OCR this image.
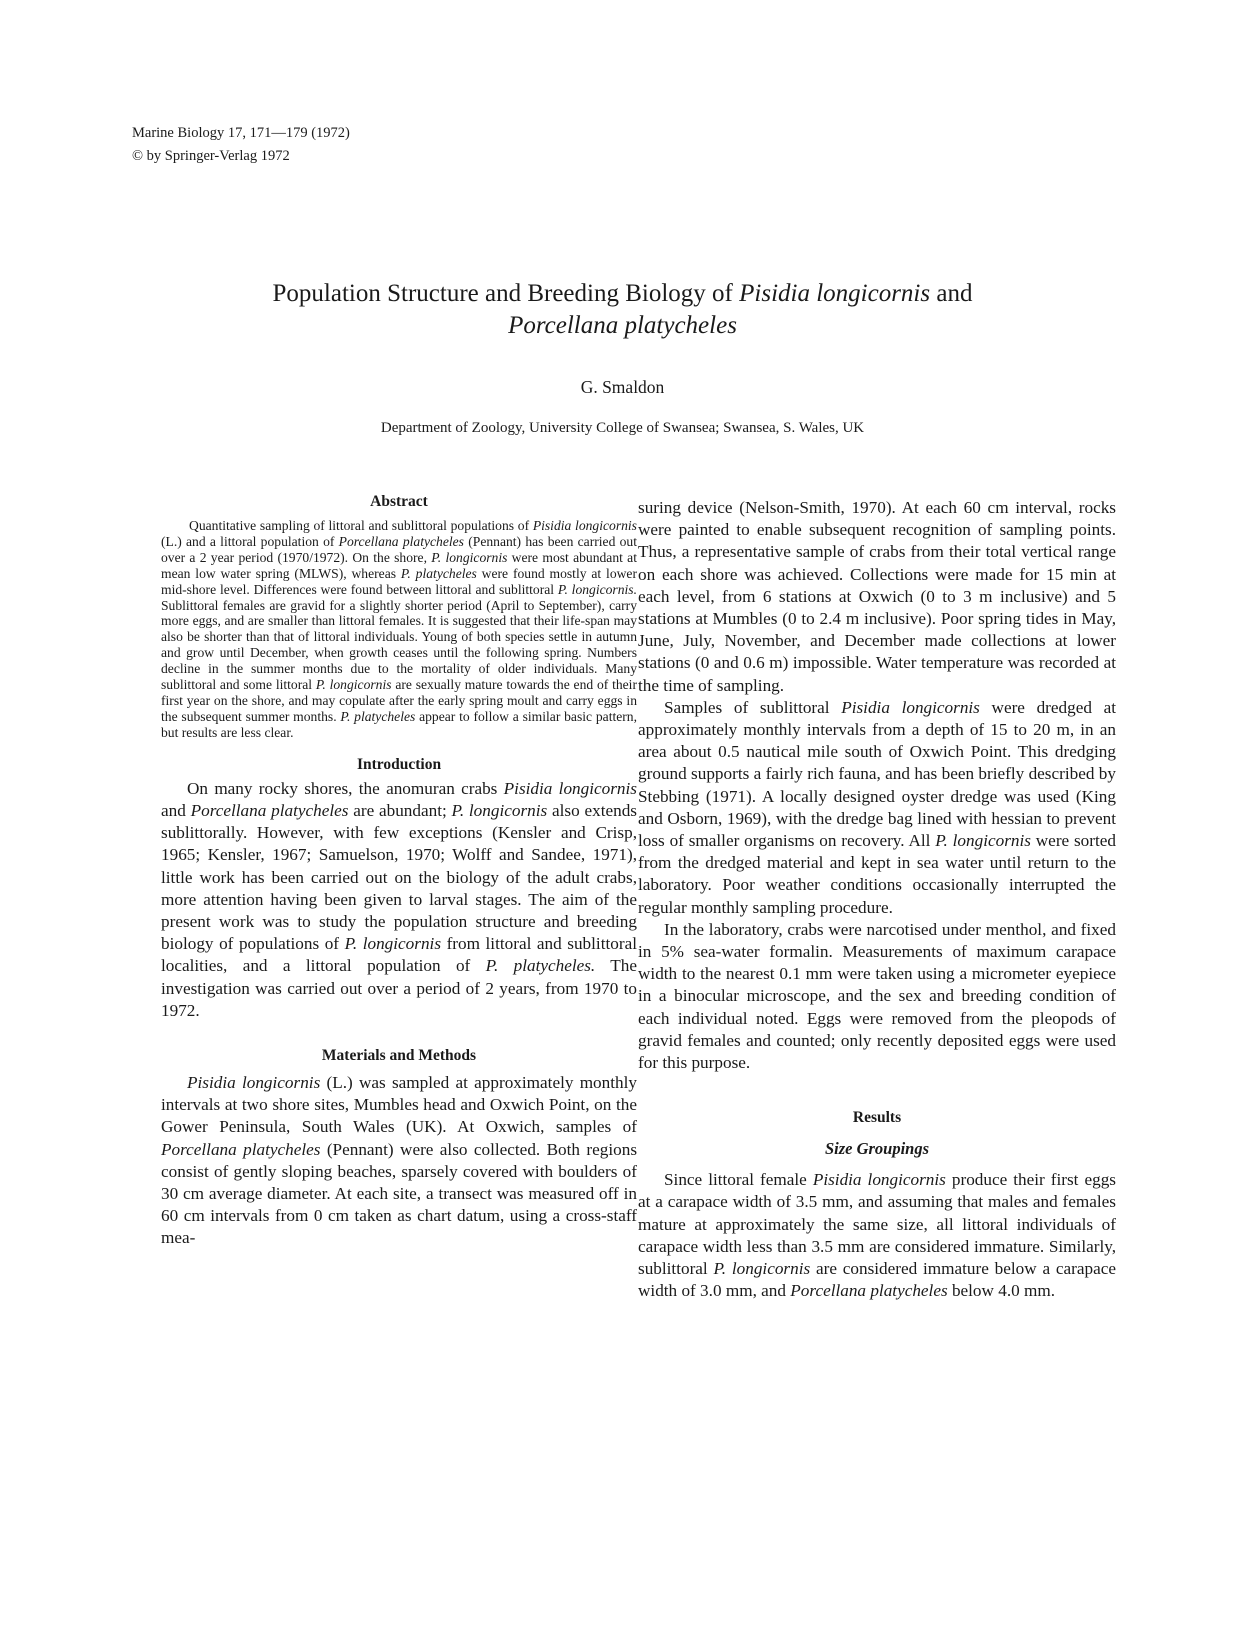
Marine Biology 17, 171—179 (1972)
© by Springer-Verlag 1972
Population Structure and Breeding Biology of Pisidia longicornis and
Porcellana platycheles
G. Smaldon
Department of Zoology, University College of Swansea; Swansea, S. Wales, UK
Abstract

Quantitative sampling of littoral and sublittoral populations of Pisidia longicornis (L.) and a littoral population of Porcellana platycheles (Pennant) has been carried out over a 2 year period (1970/1972). On the shore, P. longicornis were most abundant at mean low water spring (MLWS), whereas P. platycheles were found mostly at lower mid-shore level. Differences were found between littoral and sublittoral P. longicornis. Sublittoral females are gravid for a slightly shorter period (April to September), carry more eggs, and are smaller than littoral females. It is suggested that their life-span may also be shorter than that of littoral individuals. Young of both species settle in autumn and grow until December, when growth ceases until the following spring. Numbers decline in the summer months due to the mortality of older individuals. Many sublittoral and some littoral P. longicornis are sexually mature towards the end of their first year on the shore, and may copulate after the early spring moult and carry eggs in the subsequent summer months. P. platycheles appear to follow a similar basic pattern, but results are less clear.

Introduction

On many rocky shores, the anomuran crabs Pisidia longicornis and Porcellana platycheles are abundant; P. longicornis also extends sublittorally. However, with few exceptions (Kensler and Crisp, 1965; Kensler, 1967; Samuelson, 1970; Wolff and Sandee, 1971), little work has been carried out on the biology of the adult crabs, more attention having been given to larval stages. The aim of the present work was to study the population structure and breeding biology of populations of P. longicornis from littoral and sublittoral localities, and a littoral population of P. platycheles. The investigation was carried out over a period of 2 years, from 1970 to 1972.

Materials and Methods

Pisidia longicornis (L.) was sampled at approximately monthly intervals at two shore sites, Mumbles head and Oxwich Point, on the Gower Peninsula, South Wales (UK). At Oxwich, samples of Porcellana platycheles (Pennant) were also collected. Both regions consist of gently sloping beaches, sparsely covered with boulders of 30 cm average diameter. At each site, a transect was measured off in 60 cm intervals from 0 cm taken as chart datum, using a cross-staff mea-

suring device (Nelson-Smith, 1970). At each 60 cm interval, rocks were painted to enable subsequent recognition of sampling points. Thus, a representative sample of crabs from their total vertical range on each shore was achieved. Collections were made for 15 min at each level, from 6 stations at Oxwich (0 to 3 m inclusive) and 5 stations at Mumbles (0 to 2.4 m inclusive). Poor spring tides in May, June, July, November, and December made collections at lower stations (0 and 0.6 m) impossible. Water temperature was recorded at the time of sampling.

Samples of sublittoral Pisidia longicornis were dredged at approximately monthly intervals from a depth of 15 to 20 m, in an area about 0.5 nautical mile south of Oxwich Point. This dredging ground supports a fairly rich fauna, and has been briefly described by Stebbing (1971). A locally designed oyster dredge was used (King and Osborn, 1969), with the dredge bag lined with hessian to prevent loss of smaller organisms on recovery. All P. longicornis were sorted from the dredged material and kept in sea water until return to the laboratory. Poor weather conditions occasionally interrupted the regular monthly sampling procedure.

In the laboratory, crabs were narcotised under menthol, and fixed in 5% sea-water formalin. Measurements of maximum carapace width to the nearest 0.1 mm were taken using a micrometer eyepiece in a binocular microscope, and the sex and breeding condition of each individual noted. Eggs were removed from the pleopods of gravid females and counted; only recently deposited eggs were used for this purpose.

Results
Size Groupings

Since littoral female Pisidia longicornis produce their first eggs at a carapace width of 3.5 mm, and assuming that males and females mature at approximately the same size, all littoral individuals of carapace width less than 3.5 mm are considered immature. Similarly, sublittoral P. longicornis are considered immature below a carapace width of 3.0 mm, and Porcellana platycheles below 4.0 mm.
